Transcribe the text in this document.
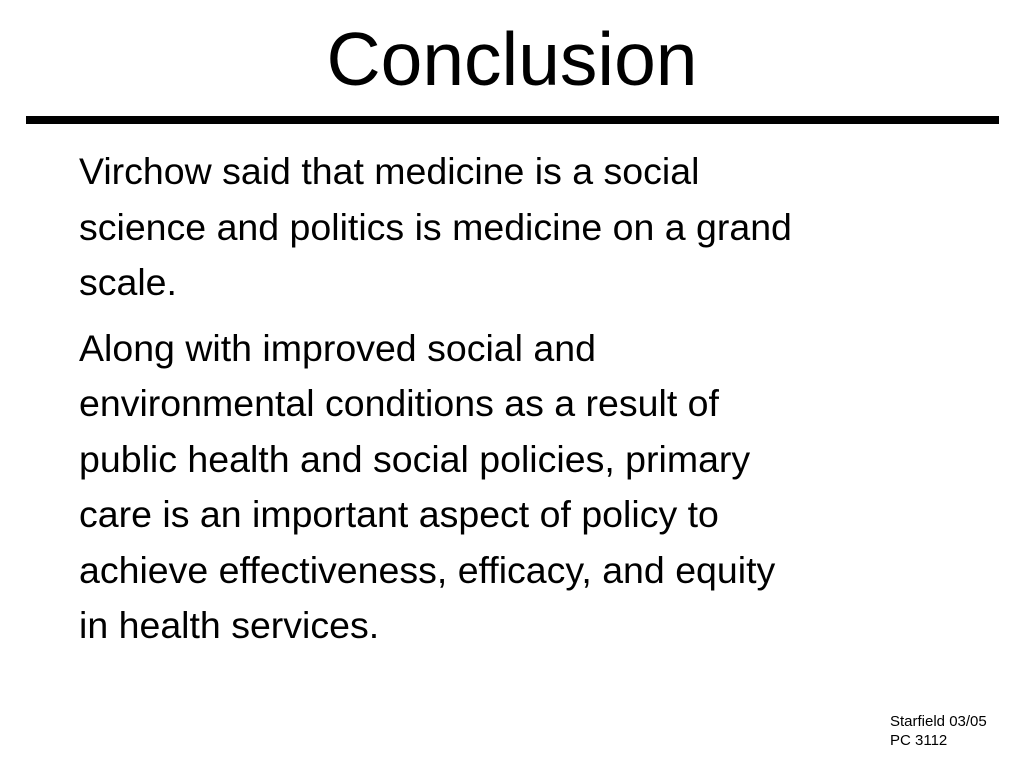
Conclusion

Virchow said that medicine is a social
science and politics is medicine on a grand
scale.

Along with improved social and
environmental conditions as a result of
public health and social policies, primary
care is an important aspect of policy to
achieve effectiveness, efficacy, and equity
in health services.

Starfield 03/05
PC 3112
